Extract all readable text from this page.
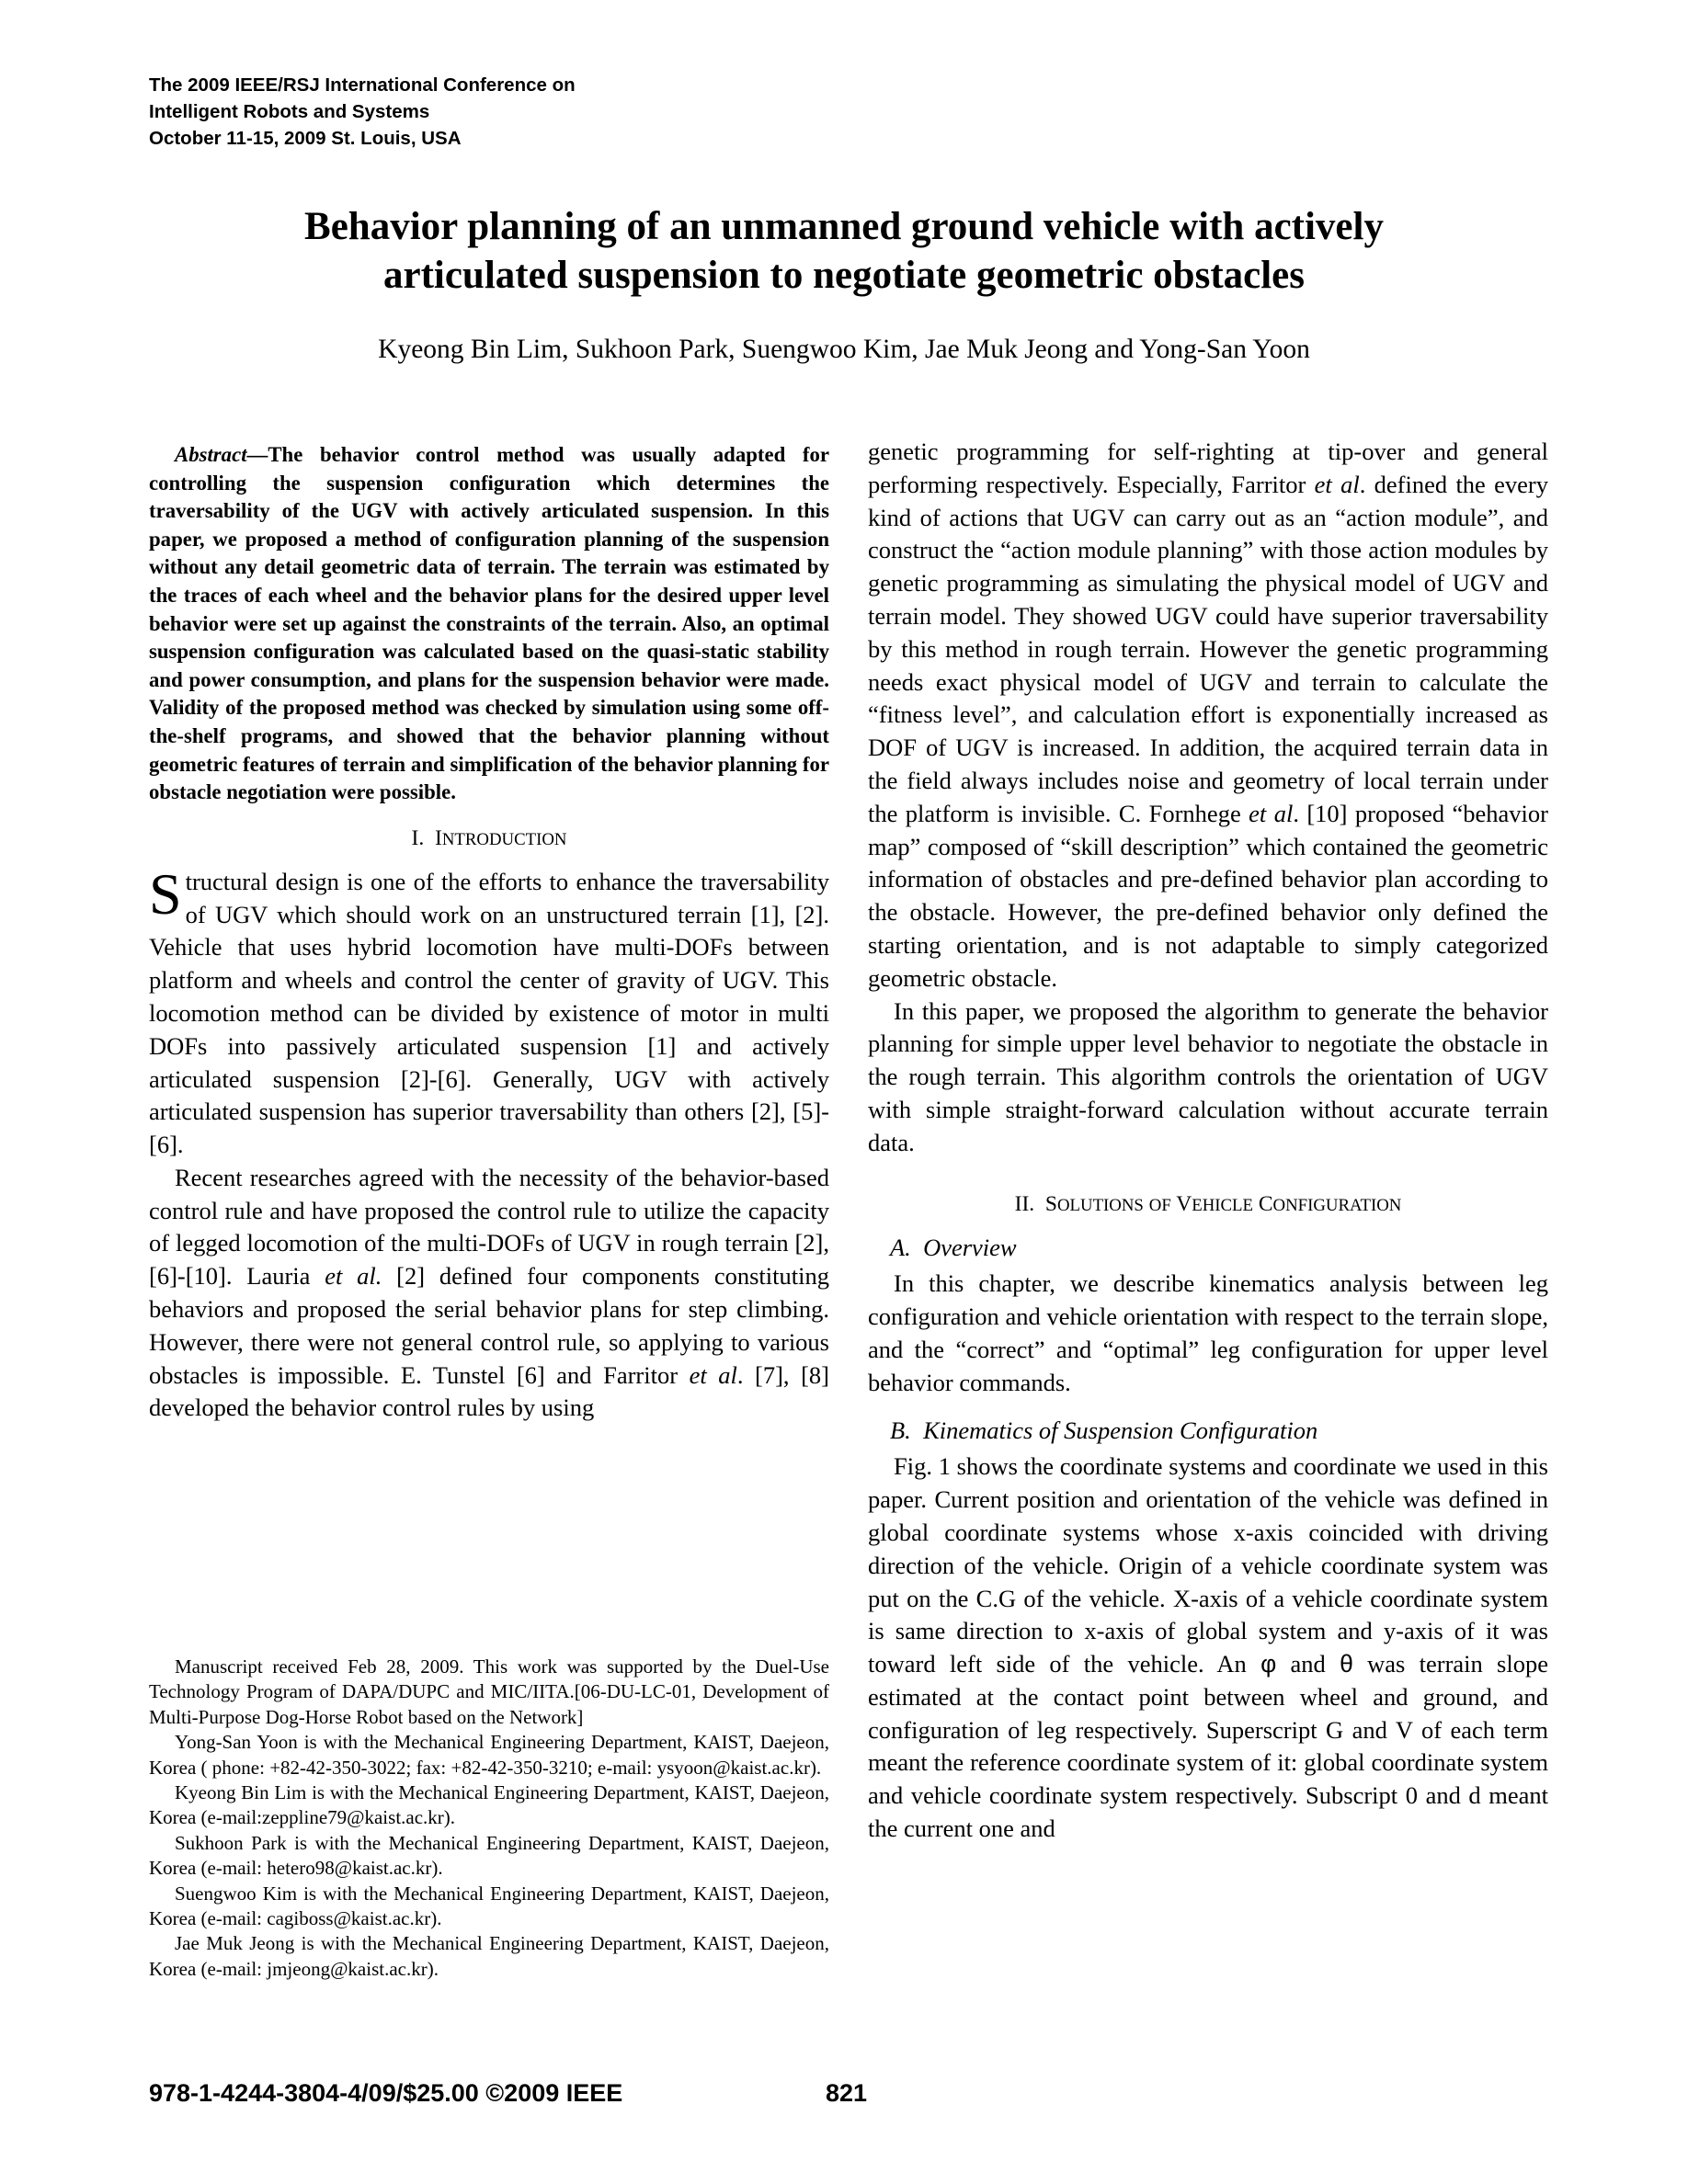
The 2009 IEEE/RSJ International Conference on
Intelligent Robots and Systems
October 11-15, 2009 St. Louis, USA
Behavior planning of an unmanned ground vehicle with actively
articulated suspension to negotiate geometric obstacles
Kyeong Bin Lim, Sukhoon Park, Suengwoo Kim, Jae Muk Jeong and Yong-San Yoon

Abstract—The behavior control method was usually adapted for controlling the suspension configuration which determines the traversability of the UGV with actively articulated suspension. In this paper, we proposed a method of configuration planning of the suspension without any detail geometric data of terrain. The terrain was estimated by the traces of each wheel and the behavior plans for the desired upper level behavior were set up against the constraints of the terrain. Also, an optimal suspension configuration was calculated based on the quasi-static stability and power consumption, and plans for the suspension behavior were made. Validity of the proposed method was checked by simulation using some off-the-shelf programs, and showed that the behavior planning without geometric features of terrain and simplification of the behavior planning for obstacle negotiation were possible.

I. INTRODUCTION

Structural design is one of the efforts to enhance the traversability of UGV which should work on an unstructured terrain [1], [2]. Vehicle that uses hybrid locomotion have multi-DOFs between platform and wheels and control the center of gravity of UGV. This locomotion method can be divided by existence of motor in multi DOFs into passively articulated suspension [1] and actively articulated suspension [2]-[6]. Generally, UGV with actively articulated suspension has superior traversability than others [2], [5]-[6].

Recent researches agreed with the necessity of the behavior-based control rule and have proposed the control rule to utilize the capacity of legged locomotion of the multi-DOFs of UGV in rough terrain [2], [6]-[10]. Lauria et al. [2] defined four components constituting behaviors and proposed the serial behavior plans for step climbing. However, there were not general control rule, so applying to various obstacles is impossible. E. Tunstel [6] and Farritor et al. [7], [8] developed the behavior control rules by using

Manuscript received Feb 28, 2009. This work was supported by the Duel-Use Technology Program of DAPA/DUPC and MIC/IITA.[06-DU-LC-01, Development of Multi-Purpose Dog-Horse Robot based on the Network]

Yong-San Yoon is with the Mechanical Engineering Department, KAIST, Daejeon, Korea ( phone: +82-42-350-3022; fax: +82-42-350-3210; e-mail: ysyoon@kaist.ac.kr).

Kyeong Bin Lim is with the Mechanical Engineering Department, KAIST, Daejeon, Korea (e-mail:zeppline79@kaist.ac.kr).

Sukhoon Park is with the Mechanical Engineering Department, KAIST, Daejeon, Korea (e-mail: hetero98@kaist.ac.kr).

Suengwoo Kim is with the Mechanical Engineering Department, KAIST, Daejeon, Korea (e-mail: cagiboss@kaist.ac.kr).

Jae Muk Jeong is with the Mechanical Engineering Department, KAIST, Daejeon, Korea (e-mail: jmjeong@kaist.ac.kr).

genetic programming for self-righting at tip-over and general performing respectively. Especially, Farritor et al. defined the every kind of actions that UGV can carry out as an “action module”, and construct the “action module planning” with those action modules by genetic programming as simulating the physical model of UGV and terrain model. They showed UGV could have superior traversability by this method in rough terrain. However the genetic programming needs exact physical model of UGV and terrain to calculate the “fitness level”, and calculation effort is exponentially increased as DOF of UGV is increased. In addition, the acquired terrain data in the field always includes noise and geometry of local terrain under the platform is invisible. C. Fornhege et al. [10] proposed “behavior map” composed of “skill description” which contained the geometric information of obstacles and pre-defined behavior plan according to the obstacle. However, the pre-defined behavior only defined the starting orientation, and is not adaptable to simply categorized geometric obstacle.

In this paper, we proposed the algorithm to generate the behavior planning for simple upper level behavior to negotiate the obstacle in the rough terrain. This algorithm controls the orientation of UGV with simple straight-forward calculation without accurate terrain data.

II. SOLUTIONS OF VEHICLE CONFIGURATION
A. Overview

In this chapter, we describe kinematics analysis between leg configuration and vehicle orientation with respect to the terrain slope, and the “correct” and “optimal” leg configuration for upper level behavior commands.

B. Kinematics of Suspension Configuration

Fig. 1 shows the coordinate systems and coordinate we used in this paper. Current position and orientation of the vehicle was defined in global coordinate systems whose x-axis coincided with driving direction of the vehicle. Origin of a vehicle coordinate system was put on the C.G of the vehicle. X-axis of a vehicle coordinate system is same direction to x-axis of global system and y-axis of it was toward left side of the vehicle. An φ and θ was terrain slope estimated at the contact point between wheel and ground, and configuration of leg respectively. Superscript G and V of each term meant the reference coordinate system of it: global coordinate system and vehicle coordinate system respectively. Subscript 0 and d meant the current one and

978-1-4244-3804-4/09/$25.00 ©2009 IEEE	821
